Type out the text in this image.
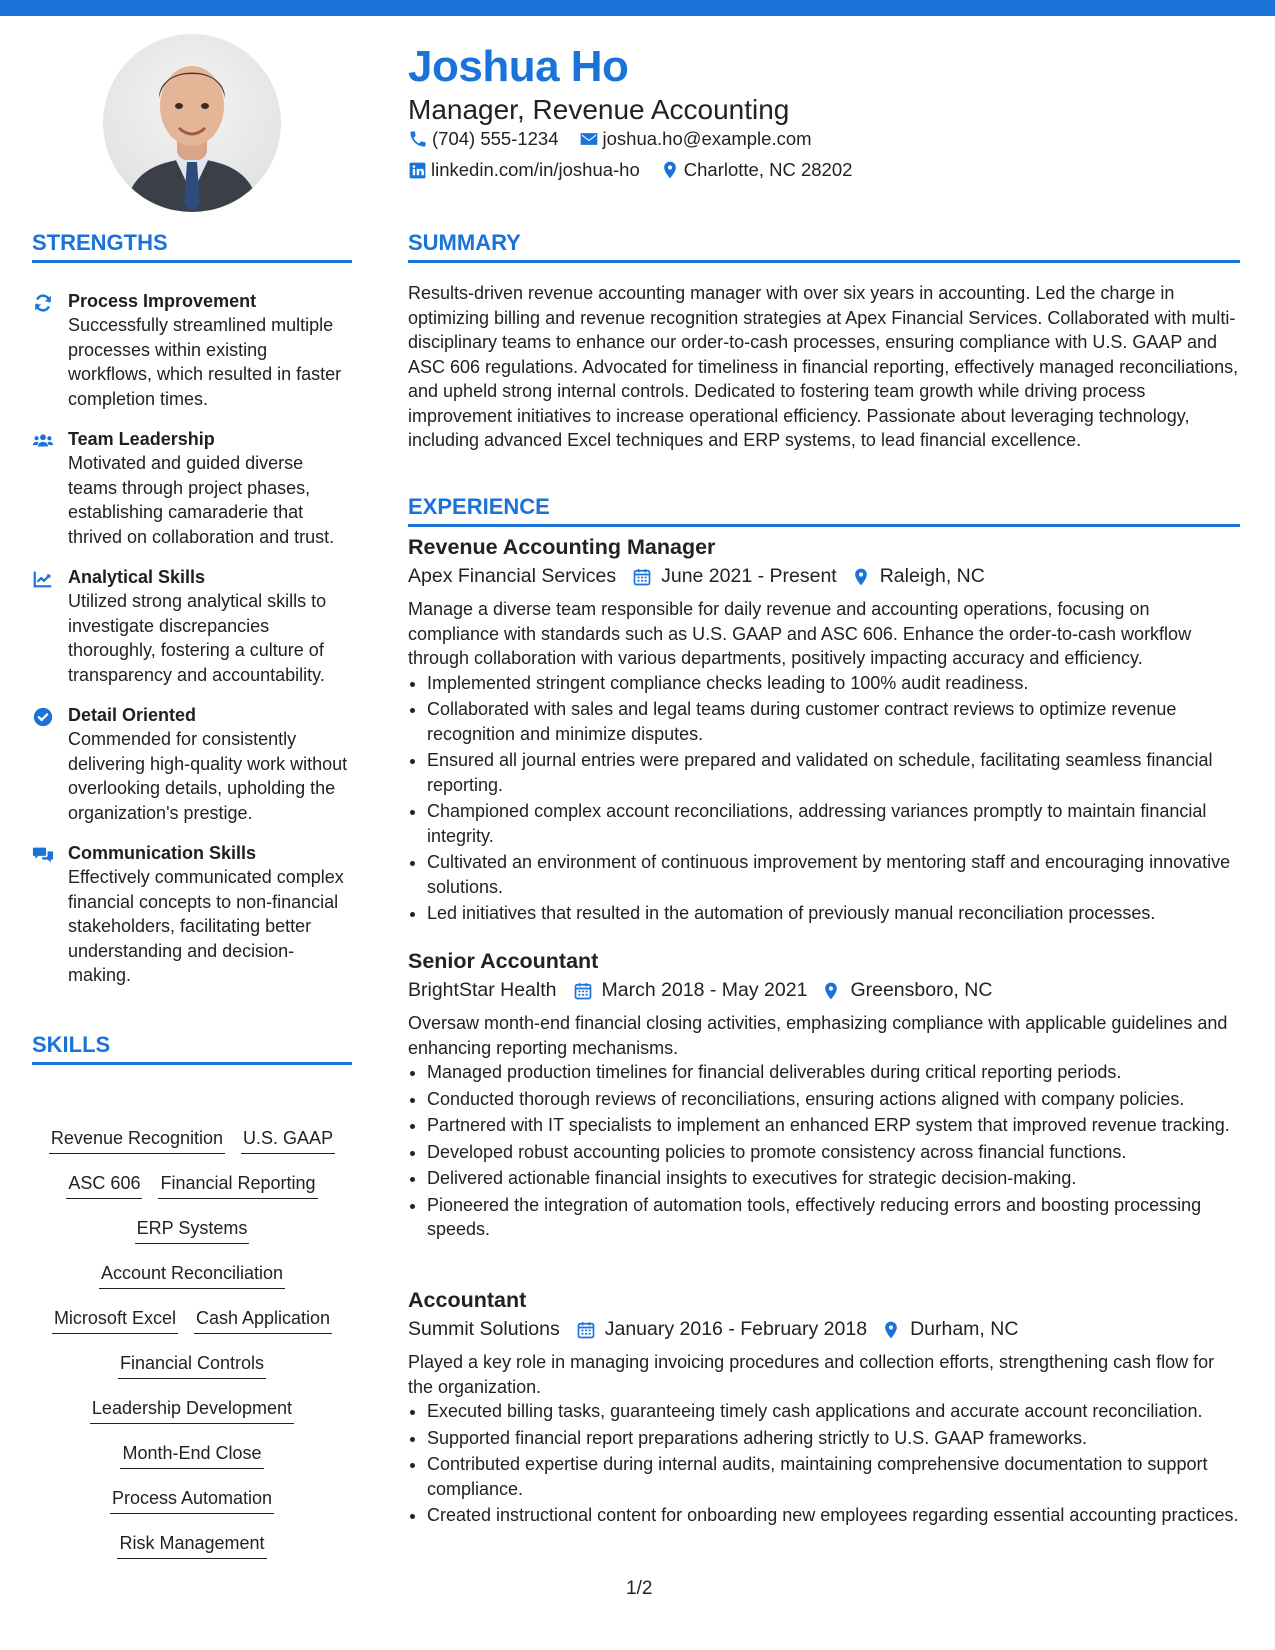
Joshua Ho
Manager, Revenue Accounting
(704) 555-1234 joshua.ho@example.com
linkedin.com/in/joshua-ho Charlotte, NC 28202
STRENGTHS
Process Improvement
Successfully streamlined multiple processes within existing workflows, which resulted in faster completion times.
Team Leadership
Motivated and guided diverse teams through project phases, establishing camaraderie that thrived on collaboration and trust.
Analytical Skills
Utilized strong analytical skills to investigate discrepancies thoroughly, fostering a culture of transparency and accountability.
Detail Oriented
Commended for consistently delivering high-quality work without overlooking details, upholding the organization's prestige.
Communication Skills
Effectively communicated complex financial concepts to non-financial stakeholders, facilitating better understanding and decision-making.
SKILLS
Revenue Recognition U.S. GAAP
ASC 606 Financial Reporting
ERP Systems
Account Reconciliation
Microsoft Excel Cash Application
Financial Controls
Leadership Development
Month-End Close
Process Automation
Risk Management
SUMMARY

Results-driven revenue accounting manager with over six years in accounting. Led the charge in optimizing billing and revenue recognition strategies at Apex Financial Services. Collaborated with multi-disciplinary teams to enhance our order-to-cash processes, ensuring compliance with U.S. GAAP and ASC 606 regulations. Advocated for timeliness in financial reporting, effectively managed reconciliations, and upheld strong internal controls. Dedicated to fostering team growth while driving process improvement initiatives to increase operational efficiency. Passionate about leveraging technology, including advanced Excel techniques and ERP systems, to lead financial excellence.

EXPERIENCE
Revenue Accounting Manager
Apex Financial Services June 2021 - Present Raleigh, NC
Manage a diverse team responsible for daily revenue and accounting operations, focusing on compliance with standards such as U.S. GAAP and ASC 606. Enhance the order-to-cash workflow through collaboration with various departments, positively impacting accuracy and efficiency.
• Implemented stringent compliance checks leading to 100% audit readiness.
• Collaborated with sales and legal teams during customer contract reviews to optimize revenue recognition and minimize disputes.
• Ensured all journal entries were prepared and validated on schedule, facilitating seamless financial reporting.
• Championed complex account reconciliations, addressing variances promptly to maintain financial integrity.
• Cultivated an environment of continuous improvement by mentoring staff and encouraging innovative solutions.
• Led initiatives that resulted in the automation of previously manual reconciliation processes.
Senior Accountant
BrightStar Health March 2018 - May 2021 Greensboro, NC
Oversaw month-end financial closing activities, emphasizing compliance with applicable guidelines and enhancing reporting mechanisms.
• Managed production timelines for financial deliverables during critical reporting periods.
• Conducted thorough reviews of reconciliations, ensuring actions aligned with company policies.
• Partnered with IT specialists to implement an enhanced ERP system that improved revenue tracking.
• Developed robust accounting policies to promote consistency across financial functions.
• Delivered actionable financial insights to executives for strategic decision-making.
• Pioneered the integration of automation tools, effectively reducing errors and boosting processing speeds.
Accountant
Summit Solutions January 2016 - February 2018 Durham, NC
Played a key role in managing invoicing procedures and collection efforts, strengthening cash flow for the organization.
• Executed billing tasks, guaranteeing timely cash applications and accurate account reconciliation.
• Supported financial report preparations adhering strictly to U.S. GAAP frameworks.
• Contributed expertise during internal audits, maintaining comprehensive documentation to support compliance.
• Created instructional content for onboarding new employees regarding essential accounting practices.
1/2
